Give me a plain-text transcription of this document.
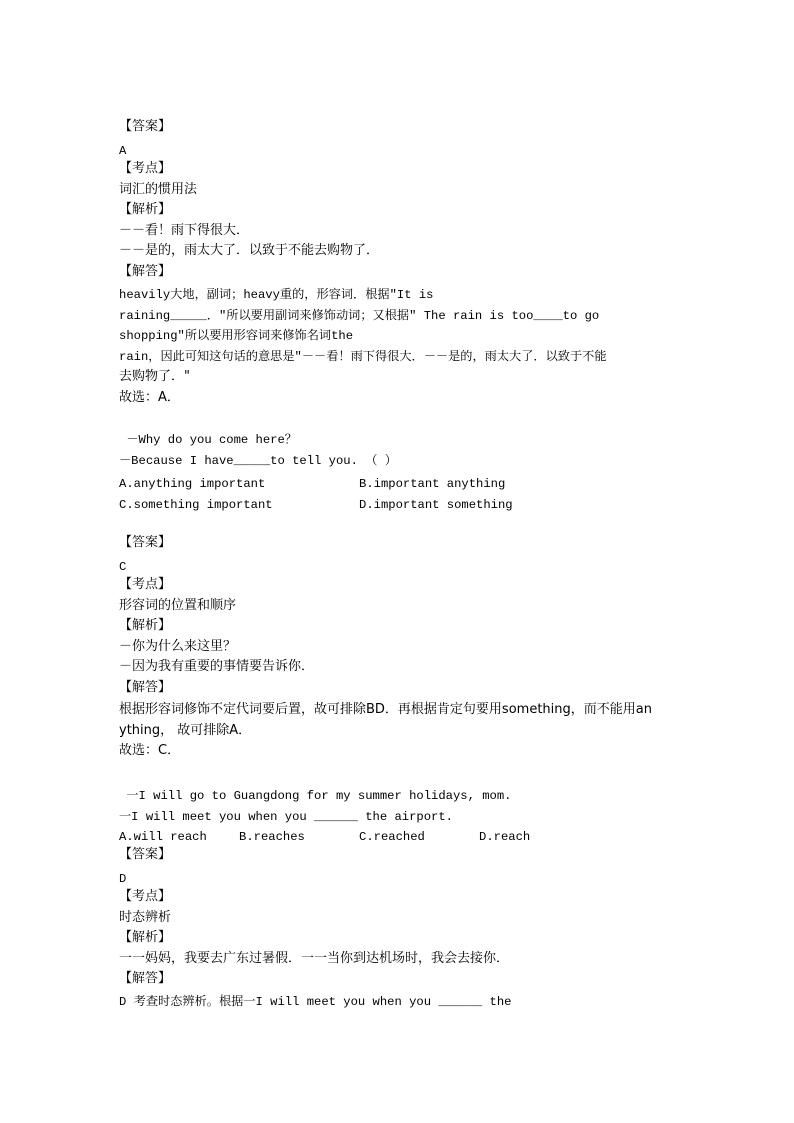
【答案】
A
【考点】
词汇的惯用法
【解析】
－－看！雨下得很大．
－－是的，雨太大了．以致于不能去购物了．
【解答】
heavily大地，副词；heavy重的，形容词．根据"It is
raining_____．"所以要用副词来修饰动词；又根据" The rain is too____to go
shopping"所以要用形容词来修饰名词the
rain，因此可知这句话的意思是"－－看！雨下得很大．－－是的，雨太大了．以致于不能
去购物了．"
故选：A．
－Why do you come here？
－Because I have_____to tell you. （ ）
A.anything important	B.important anything
C.something important	D.important something
【答案】
C
【考点】
形容词的位置和顺序
【解析】
－你为什么来这里？
－因为我有重要的事情要告诉你．
【解答】
根据形容词修饰不定代词要后置，故可排除BD．再根据肯定句要用something，而不能用an
ything， 故可排除A．
故选：C．
一I will go to Guangdong for my summer holidays, mom.
一I will meet you when you ______ the airport.
A.will reach	B.reaches	C.reached	D.reach
【答案】
D
【考点】
时态辨析
【解析】
一一妈妈，我要去广东过暑假．一一当你到达机场时，我会去接你．
【解答】
D 考查时态辨析。根据一I will meet you when you ______ the
